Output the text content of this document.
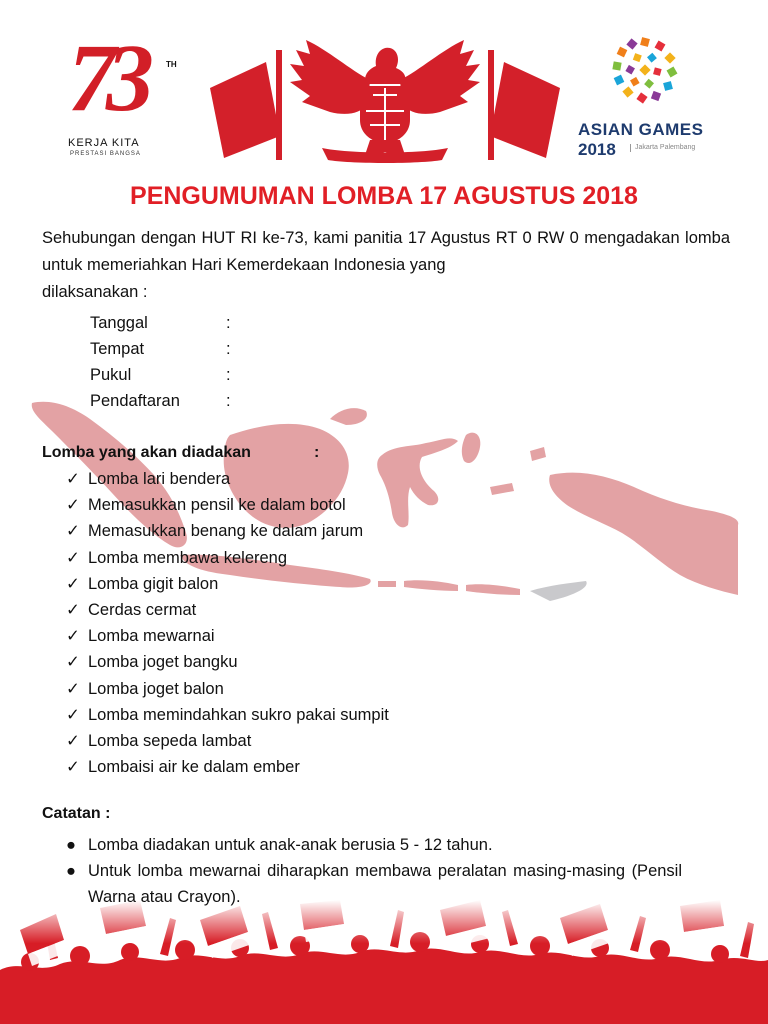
73	TH
KERJA KITA
PRESTASI BANGSA
ASIAN GAMES
2018	Jakarta Palembang
PENGUMUMAN LOMBA 17 AGUSTUS 2018
Sehubungan dengan HUT RI ke-73, kami panitia 17 Agustus RT 0 RW 0 mengadakan lomba untuk memeriahkan Hari Kemerdekaan Indonesia yang
dilaksanakan :
Tanggal	:
Tempat	:
Pukul	:
Pendaftaran	:
Lomba yang akan diadakan	:
✓ Lomba lari bendera
✓ Memasukkan pensil ke dalam botol
✓ Memasukkan benang ke dalam jarum
✓ Lomba membawa kelereng
✓ Lomba gigit balon
✓ Cerdas cermat
✓ Lomba mewarnai
✓ Lomba joget bangku
✓ Lomba joget balon
✓ Lomba memindahkan sukro pakai sumpit
✓ Lomba sepeda lambat
✓ Lombaisi air ke dalam ember
Catatan :
● Lomba diadakan untuk anak-anak berusia 5 - 12 tahun.
● Untuk lomba mewarnai diharapkan membawa peralatan masing-masing (Pensil Warna atau Crayon).
